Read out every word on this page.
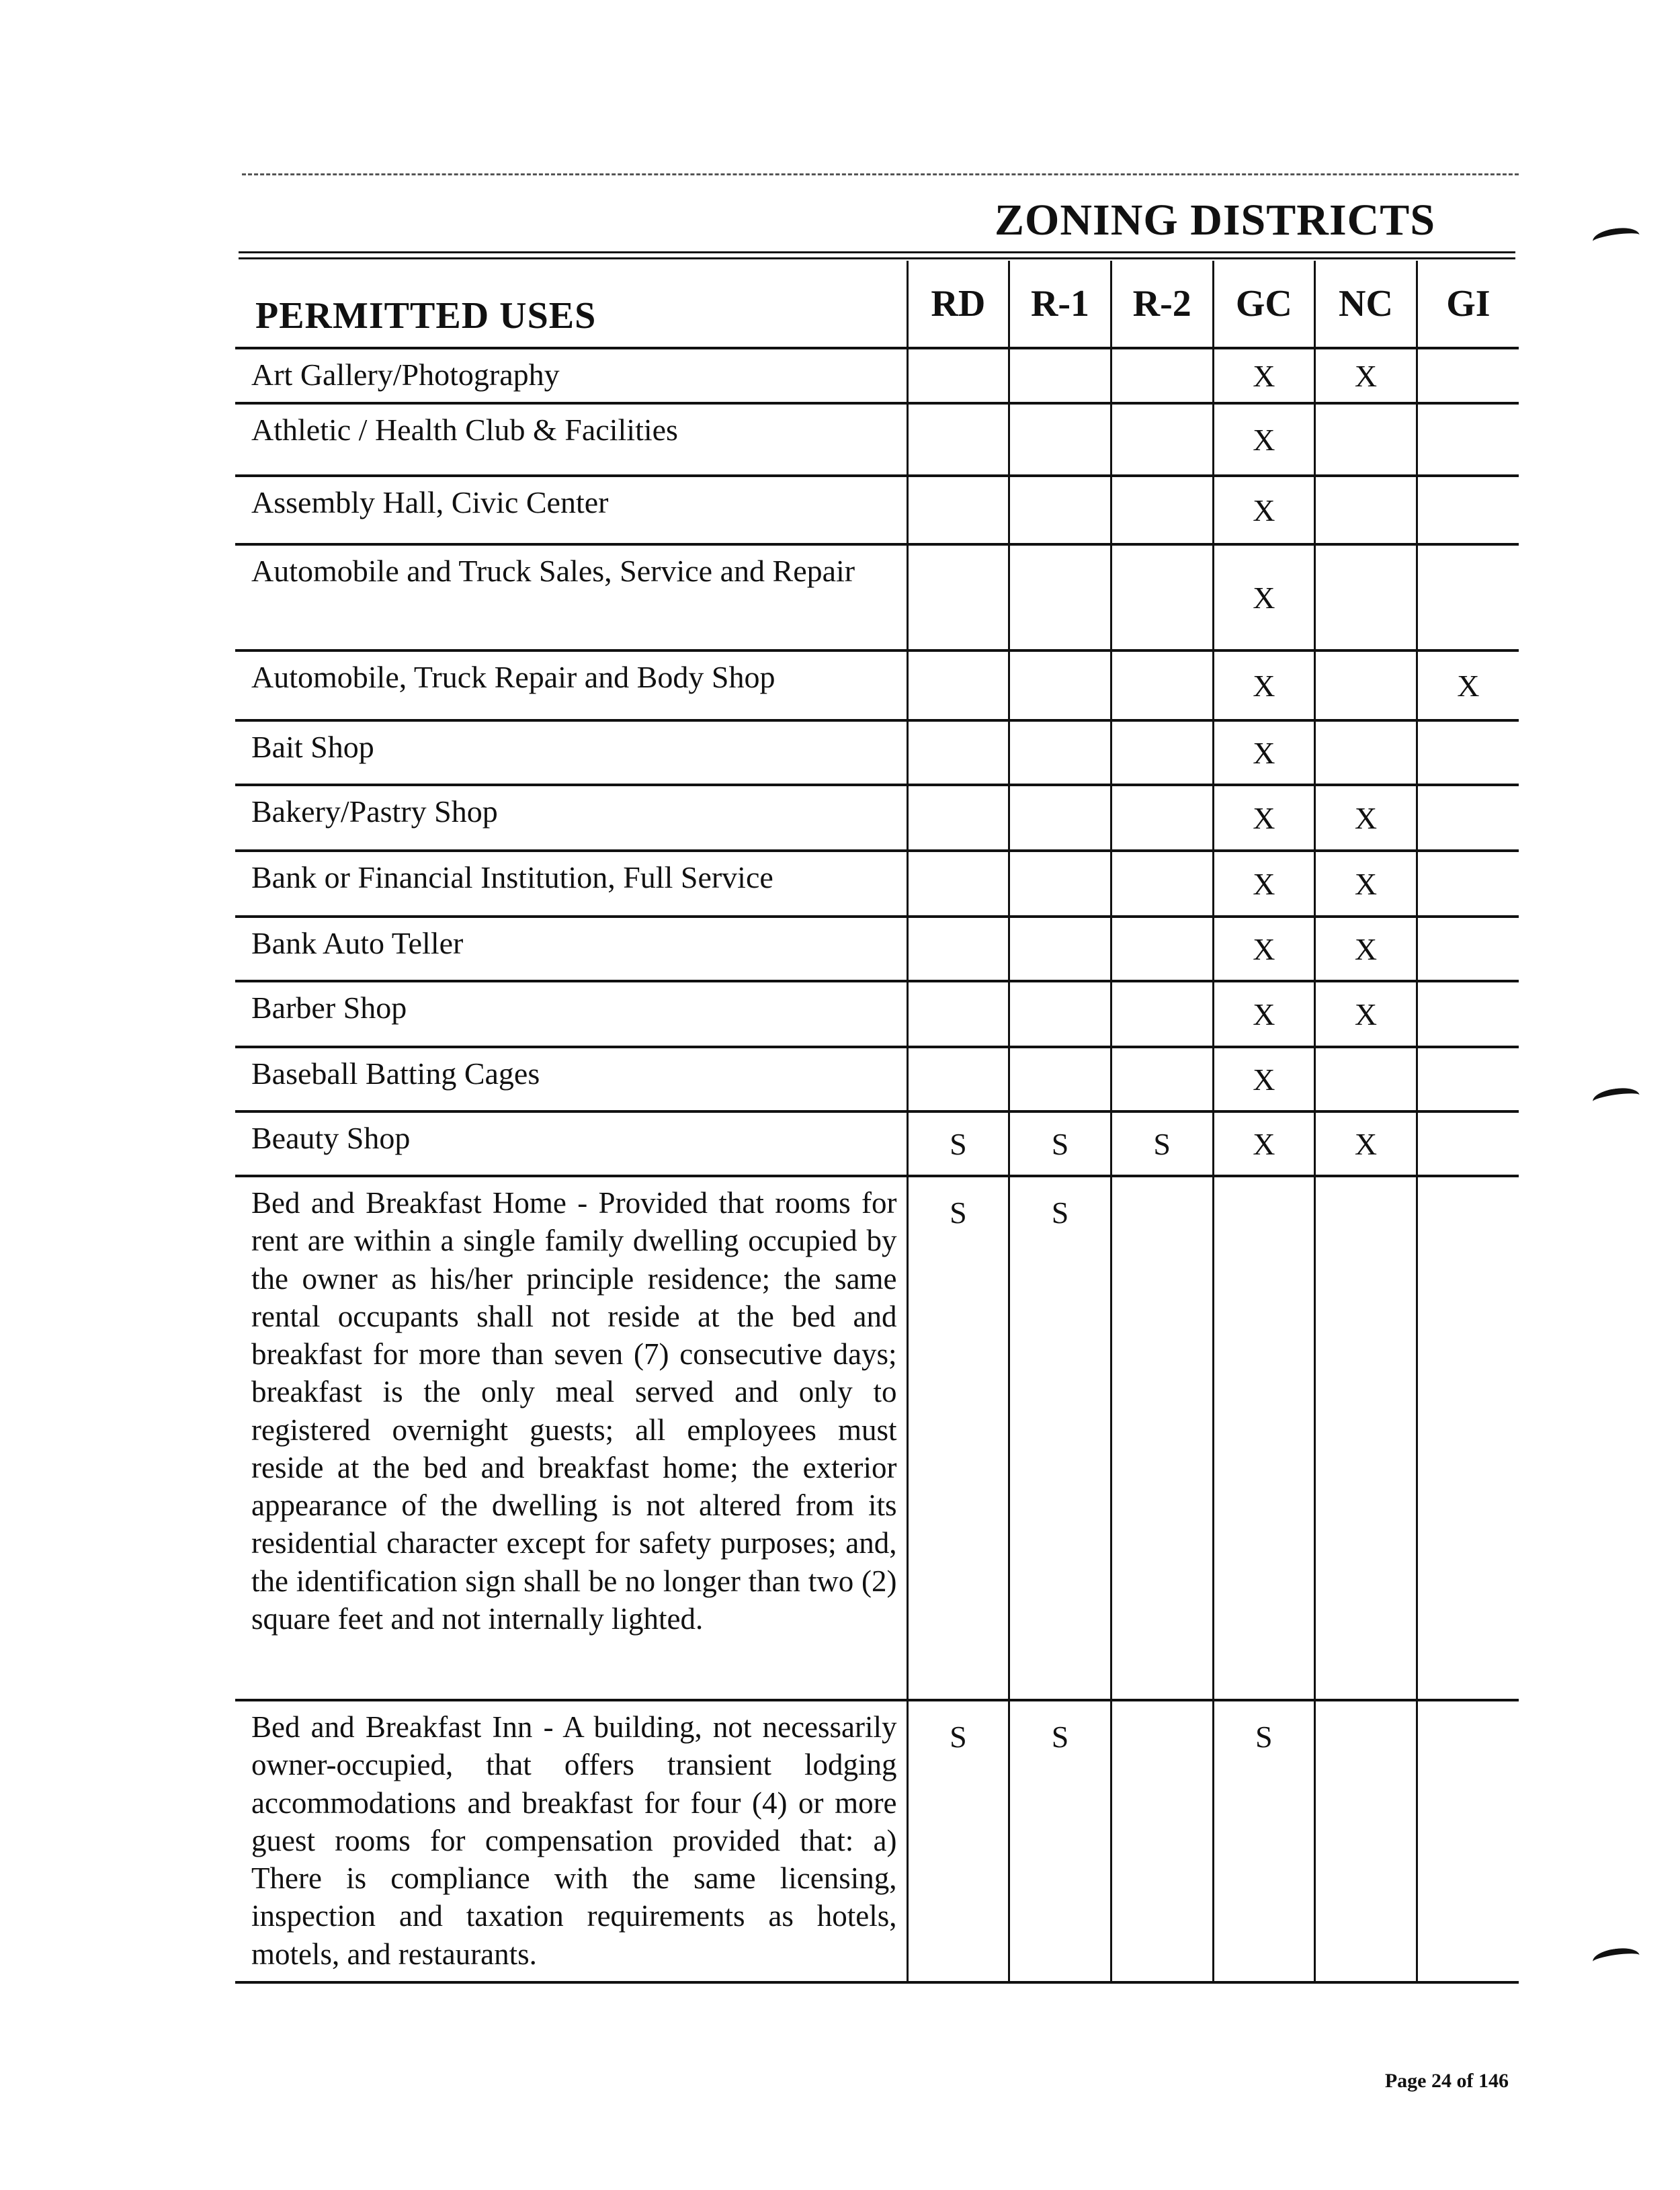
ZONING DISTRICTS
PERMITTED USES	RD	R-1	R-2	GC	NC	GI
Art Gallery/Photography				X	X	
Athletic / Health Club & Facilities				X		
Assembly Hall, Civic Center				X		
Automobile and Truck Sales, Service and Repair				X		
Automobile, Truck Repair and Body Shop				X		X
Bait Shop				X		
Bakery/Pastry Shop				X	X	
Bank or Financial Institution, Full Service				X	X	
Bank Auto Teller				X	X	
Barber Shop				X	X	
Baseball Batting Cages				X		
Beauty Shop	S	S	S	X	X	
Bed and Breakfast Home - Provided that rooms for rent are within a single family dwelling occupied by the owner as his/her principle residence; the same rental occupants shall not reside at the bed and breakfast for more than seven (7) consecutive days; breakfast is the only meal served and only to registered overnight guests; all employees must reside at the bed and breakfast home; the exterior appearance of the dwelling is not altered from its residential character except for safety purposes; and, the identification sign shall be no longer than two (2) square feet and not internally lighted.	S	S				
Bed and Breakfast Inn - A building, not necessarily owner-occupied, that offers transient lodging accommodations and breakfast for four (4) or more guest rooms for compensation provided that: a) There is compliance with the same licensing, inspection and taxation requirements as hotels, motels, and restaurants.	S	S		S		
Page 24 of 146
